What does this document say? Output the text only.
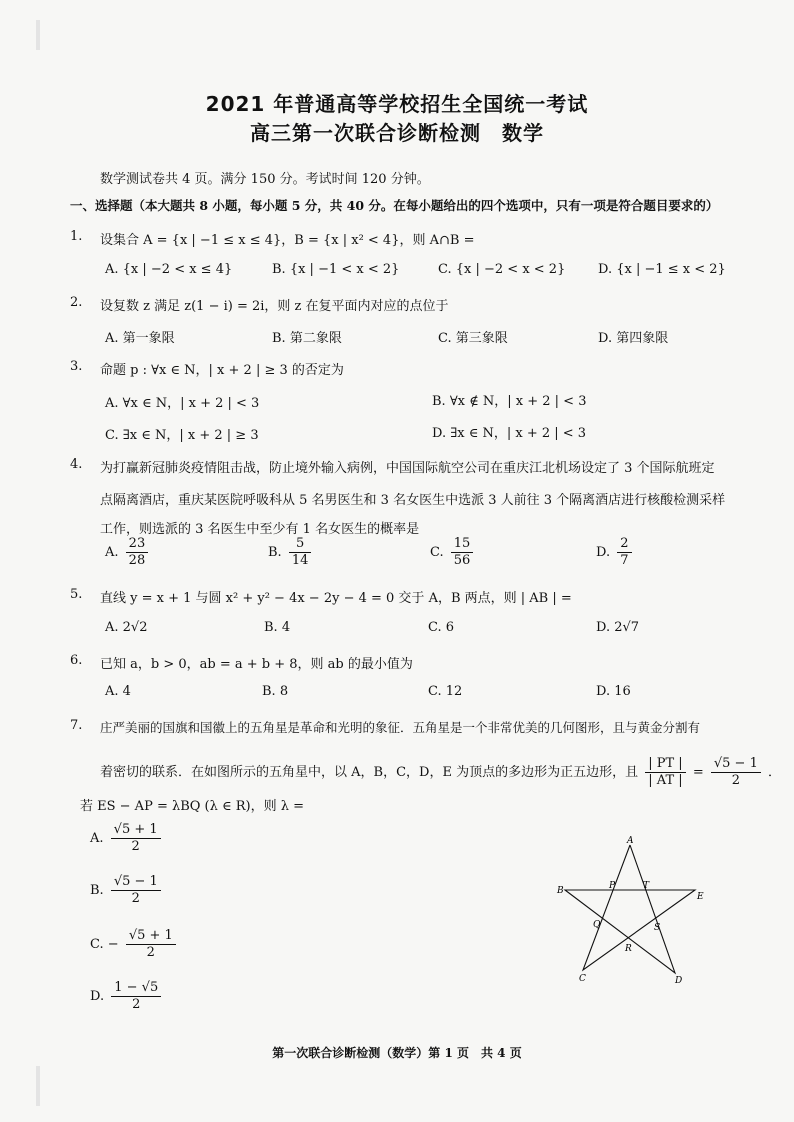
2021 年普通高等学校招生全国统一考试
高三第一次联合诊断检测　数学
数学测试卷共 4 页。满分 150 分。考试时间 120 分钟。
一、选择题（本大题共 8 小题，每小题 5 分，共 40 分。在每小题给出的四个选项中，只有一项是符合题目要求的）
1. 设集合 A = {x | −1 ≤ x ≤ 4}，B = {x | x² < 4}，则 A∩B =
A. {x | −2 < x ≤ 4}	B. {x | −1 < x < 2}	C. {x | −2 < x < 2}	D. {x | −1 ≤ x < 2}
2. 设复数 z 满足 z(1 − i) = 2i，则 z 在复平面内对应的点位于
A. 第一象限	B. 第二象限	C. 第三象限	D. 第四象限
3. 命题 p : ∀x ∈ N，| x + 2 | ≥ 3 的否定为
A. ∀x ∈ N，| x + 2 | < 3	B. ∀x ∉ N，| x + 2 | < 3
C. ∃x ∈ N，| x + 2 | ≥ 3	D. ∃x ∈ N，| x + 2 | < 3
4. 为打赢新冠肺炎疫情阻击战，防止境外输入病例，中国国际航空公司在重庆江北机场设定了 3 个国际航班定
点隔离酒店，重庆某医院呼吸科从 5 名男医生和 3 名女医生中选派 3 人前往 3 个隔离酒店进行核酸检测采样
工作，则选派的 3 名医生中至少有 1 名女医生的概率是
A. $\frac{23}{28}$	B. $\frac{5}{14}$	C. $\frac{15}{56}$	D. $\frac{2}{7}$
5. 直线 y = x + 1 与圆 x² + y² − 4x − 2y − 4 = 0 交于 A，B 两点，则 | AB | =
A. 2√2	B. 4	C. 6	D. 2√7
6. 已知 a，b > 0，ab = a + b + 8，则 ab 的最小值为
A. 4	B. 8	C. 12	D. 16
7. 庄严美丽的国旗和国徽上的五角星是革命和光明的象征．五角星是一个非常优美的几何图形，且与黄金分割有
着密切的联系．在如图所示的五角星中，以 A，B，C，D，E 为顶点的多边形为正五边形，且 $\frac{| PT |}{| AT |} = \frac{√5 - 1}{2}$ ．
若 ES − AP = λBQ (λ ∈ R)，则 λ =
A. $\frac{√5 + 1}{2}$
B. $\frac{√5 - 1}{2}$
C. − $\frac{√5 + 1}{2}$
D. $\frac{1 - √5}{2}$
A
B
E
C	D
P	T
Q	S
R
第一次联合诊断检测（数学）第 1 页　共 4 页
